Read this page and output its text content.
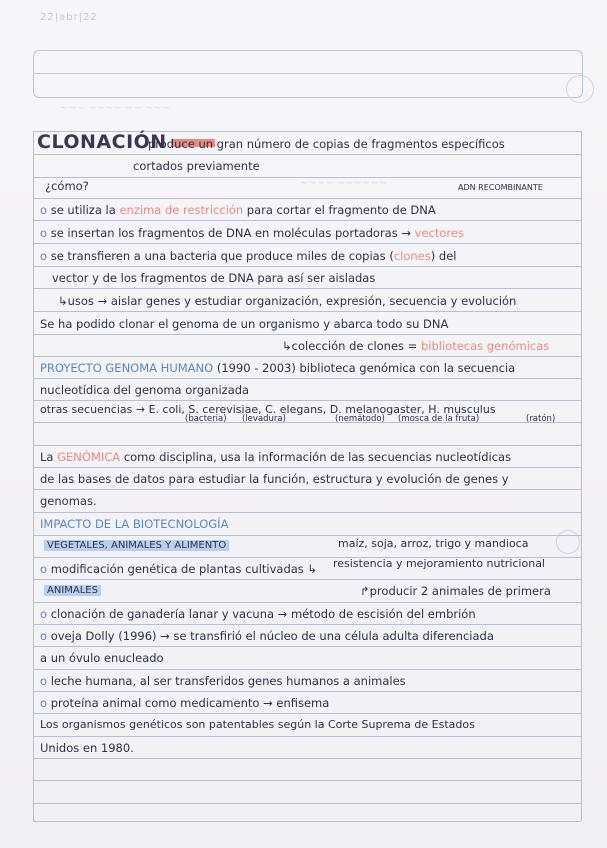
22|abr|22
~~~ ~~~~ ~~ ~~~
~~~~ ~~~~~~
CLONACIÓN
produce un gran número de copias de fragmentos específicos
cortados previamente
¿cómo?	ADN RECOMBINANTE
o se utiliza la enzima de restricción para cortar el fragmento de DNA
o se insertan los fragmentos de DNA en moléculas portadoras → vectores
o se transfieren a una bacteria que produce miles de copias (clones) del
vector y de los fragmentos de DNA para así ser aisladas
↳usos → aislar genes y estudiar organización, expresión, secuencia y evolución
Se ha podido clonar el genoma de un organismo y abarca todo su DNA
↳colección de clones = bibliotecas genómicas
PROYECTO GENOMA HUMANO (1990 - 2003) biblioteca genómica con la secuencia
nucleotídica del genoma organizada
otras secuencias → E. coli, S. cerevisiae, C. elegans, D. melanogaster, H. musculus
(bacteria) (levadura)	(nemátodo) (mosca de la fruta)	(ratón)
La GENÓMICA como disciplina, usa la información de las secuencias nucleotídicas
de las bases de datos para estudiar la función, estructura y evolución de genes y
genomas.
IMPACTO DE LA BIOTECNOLOGÍA
VEGETALES, ANIMALES Y ALIMENTO	maíz, soja, arroz, trigo y mandioca
o modificación genética de plantas cultivadas ↳ resistencia y mejoramiento nutricional
ANIMALES	↱producir 2 animales de primera
o clonación de ganadería lanar y vacuna → método de escisión del embrión
o oveja Dolly (1996) → se transfirió el núcleo de una célula adulta diferenciada
a un óvulo enucleado
o leche humana, al ser transferidos genes humanos a animales
o proteína animal como medicamento → enfisema
Los organismos genéticos son patentables según la Corte Suprema de Estados
Unidos en 1980.
